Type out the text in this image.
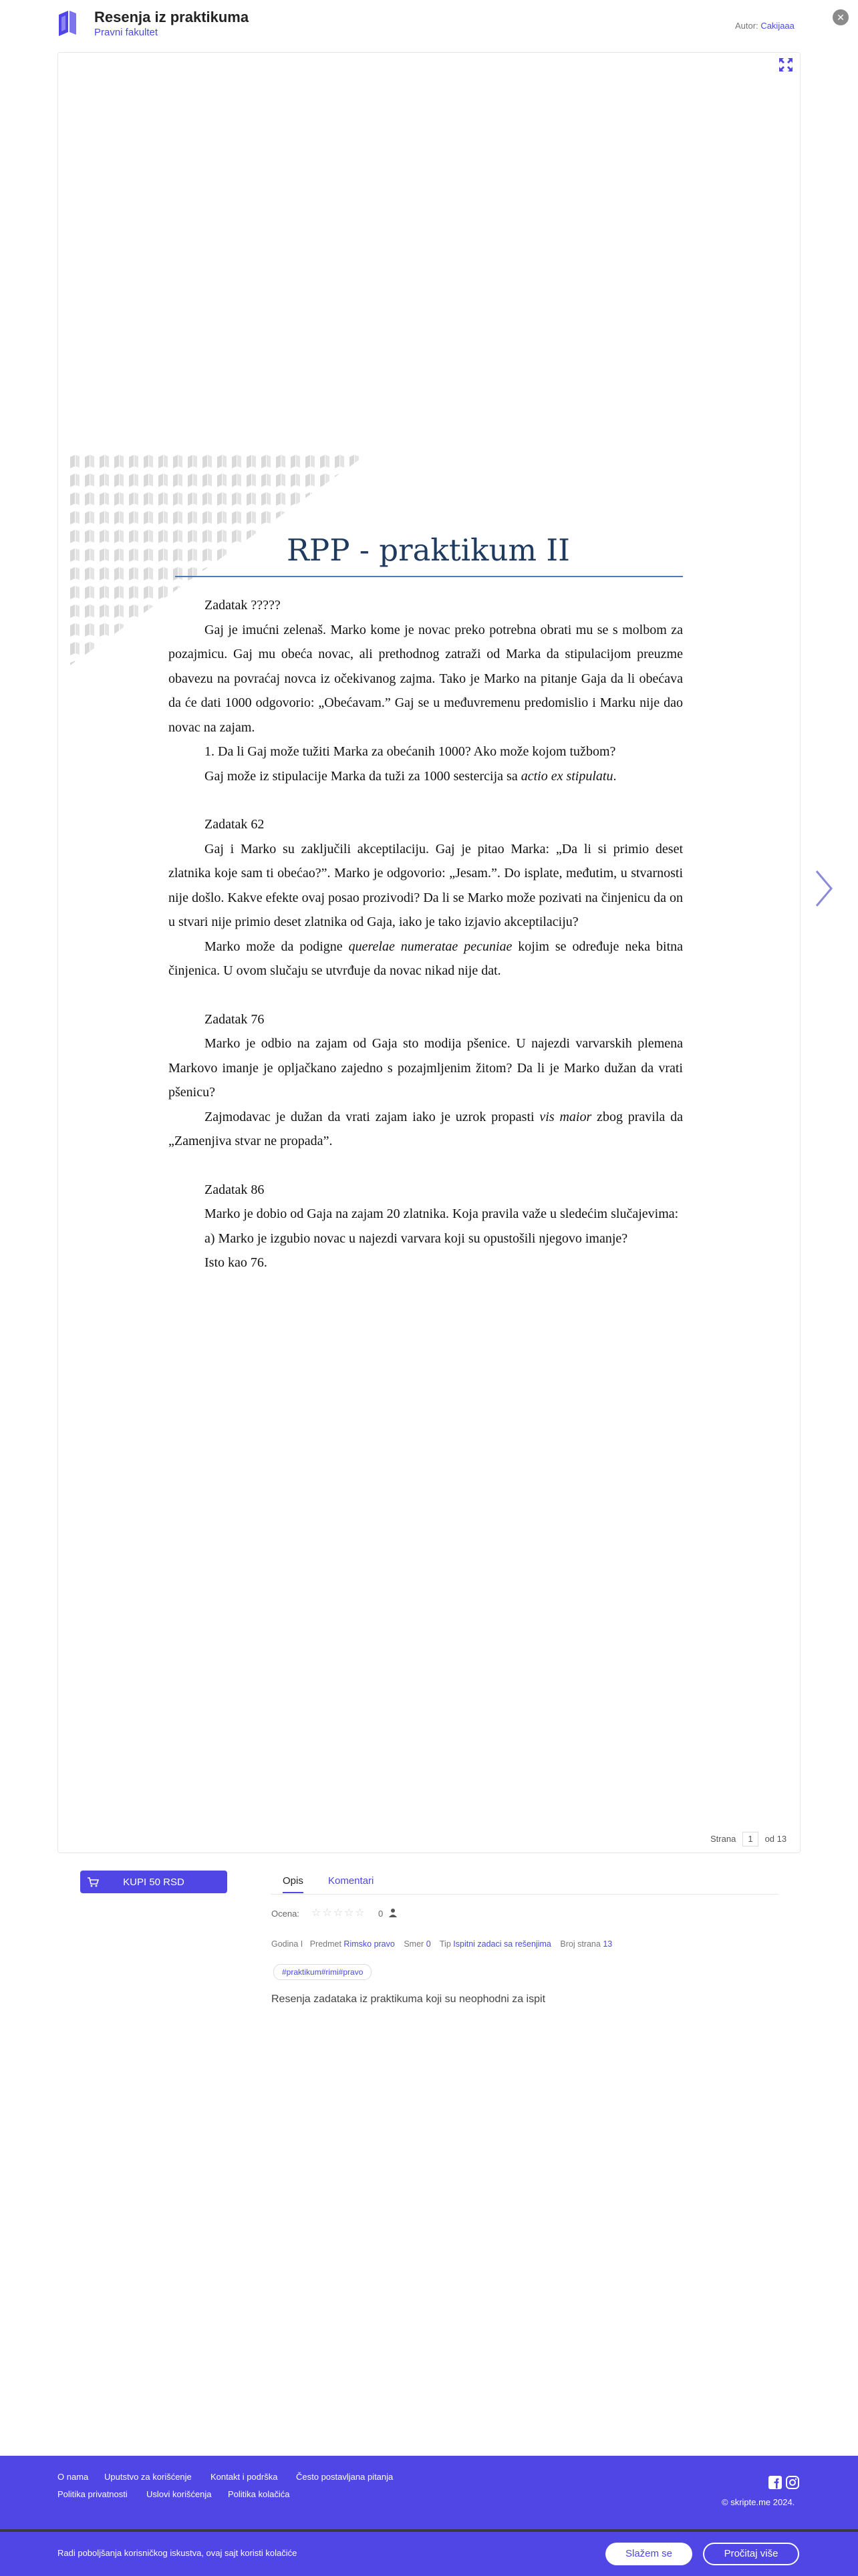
Resenja iz praktikuma
Pravni fakultet
Autor: Cakijaaa
✕
RPP - praktikum II

Zadatak ?????

Gaj je imućni zelenaš. Marko kome je novac preko potrebna obrati mu se s molbom za pozajmicu. Gaj mu obeća novac, ali prethodnog zatraži od Marka da stipulacijom preuzme obavezu na povraćaj novca iz očekivanog zajma. Tako je Marko na pitanje Gaja da li obećava da će dati 1000 odgovorio: „Obećavam.” Gaj se u međuvremenu predomislio i Marku nije dao novac na zajam.

1. Da li Gaj može tužiti Marka za obećanih 1000? Ako može kojom tužbom?

Gaj može iz stipulacije Marka da tuži za 1000 sestercija sa actio ex stipulatu.

Zadatak 62

Gaj i Marko su zaključili akceptilaciju. Gaj je pitao Marka: „Da li si primio deset zlatnika koje sam ti obećao?”. Marko je odgovorio: „Jesam.”. Do isplate, međutim, u stvarnosti nije došlo. Kakve efekte ovaj posao prozivodi? Da li se Marko može pozivati na činjenicu da on u stvari nije primio deset zlatnika od Gaja, iako je tako izjavio akceptilaciju?

Marko može da podigne querelae numeratae pecuniae kojim se određuje neka bitna činjenica. U ovom slučaju se utvrđuje da novac nikad nije dat.

Zadatak 76

Marko je odbio na zajam od Gaja sto modija pšenice. U najezdi varvarskih plemena Markovo imanje je opljačkano zajedno s pozajmljenim žitom? Da li je Marko dužan da vrati pšenicu?

Zajmodavac je dužan da vrati zajam iako je uzrok propasti vis maior zbog pravila da „Zamenjiva stvar ne propada”.

Zadatak 86

Marko je dobio od Gaja na zajam 20 zlatnika. Koja pravila važe u sledećim slučajevima:

a) Marko je izgubio novac u najezdi varvara koji su opustošili njegovo imanje?

Isto kao 76.

Strana 1 od 13
KUPI 50 RSD	Opis Komentari
Ocena: ☆☆☆☆☆ 0
Godina I Predmet Rimsko pravo Smer 0 Tip Ispitni zadaci sa rešenjima Broj strana 13
#praktikum#rimi#pravo
Resenja zadataka iz praktikuma koji su neophodni za ispit
O nama Uputstvo za korišćenje Kontakt i podrška Često postavljana pitanja
Politika privatnosti Uslovi korišćenja Politika kolačića
© skripte.me 2024.
Radi poboljšanja korisničkog iskustva, ovaj sajt koristi kolačiće	Slažem se	Pročitaj više
